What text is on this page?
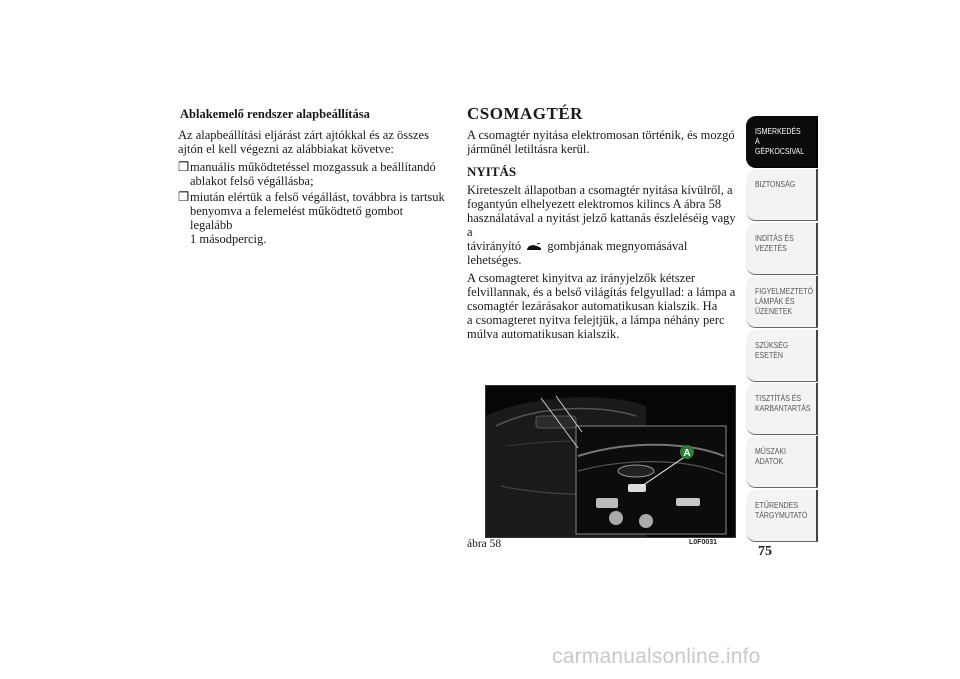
Ablakemelő rendszer alapbeállítása

Az alapbeállítási eljárást zárt ajtókkal és az összes
ajtón el kell végezni az alábbiakat követve:

❒ manuális működtetéssel mozgassuk a beállítandó
ablakot felső végállásba;
❒ miután elértük a felső végállást, továbbra is tartsuk
benyomva a felemelést működtető gombot legalább
1 másodpercig.
CSOMAGTÉR

A csomagtér nyitása elektromosan történik, és mozgó
járműnél letiltásra kerül.

NYITÁS

Kireteszelt állapotban a csomagtér nyitása kívülről, a
fogantyún elhelyezett elektromos kilincs A ábra 58
használatával a nyitást jelző kattanás észleléséig vagy a
távirányító gombjának megnyomásával
lehetséges.

A csomagteret kinyitva az irányjelzők kétszer
felvillannak, és a belső világítás felgyullad: a lámpa a
csomagtér lezárásakor automatikusan kialszik. Ha
a csomagteret nyitva felejtjük, a lámpa néhány perc
múlva automatikusan kialszik.

A
ábra 58	L0F0031
ISMERKEDÉS A
GÉPKOCSIVAL
BIZTONSÁG
INDÍTÁS ÉS
VEZETÉS
FIGYELMEZTETŐ
LÁMPÁK ÉS
ÜZENETEK
SZÜKSÉG ESETÉN
TISZTÍTÁS ÉS
KARBANTARTÁS
MŰSZAKI ADATOK
ETŰRENDES
TÁRGYMUTATÓ
75
carmanualsonline.info
